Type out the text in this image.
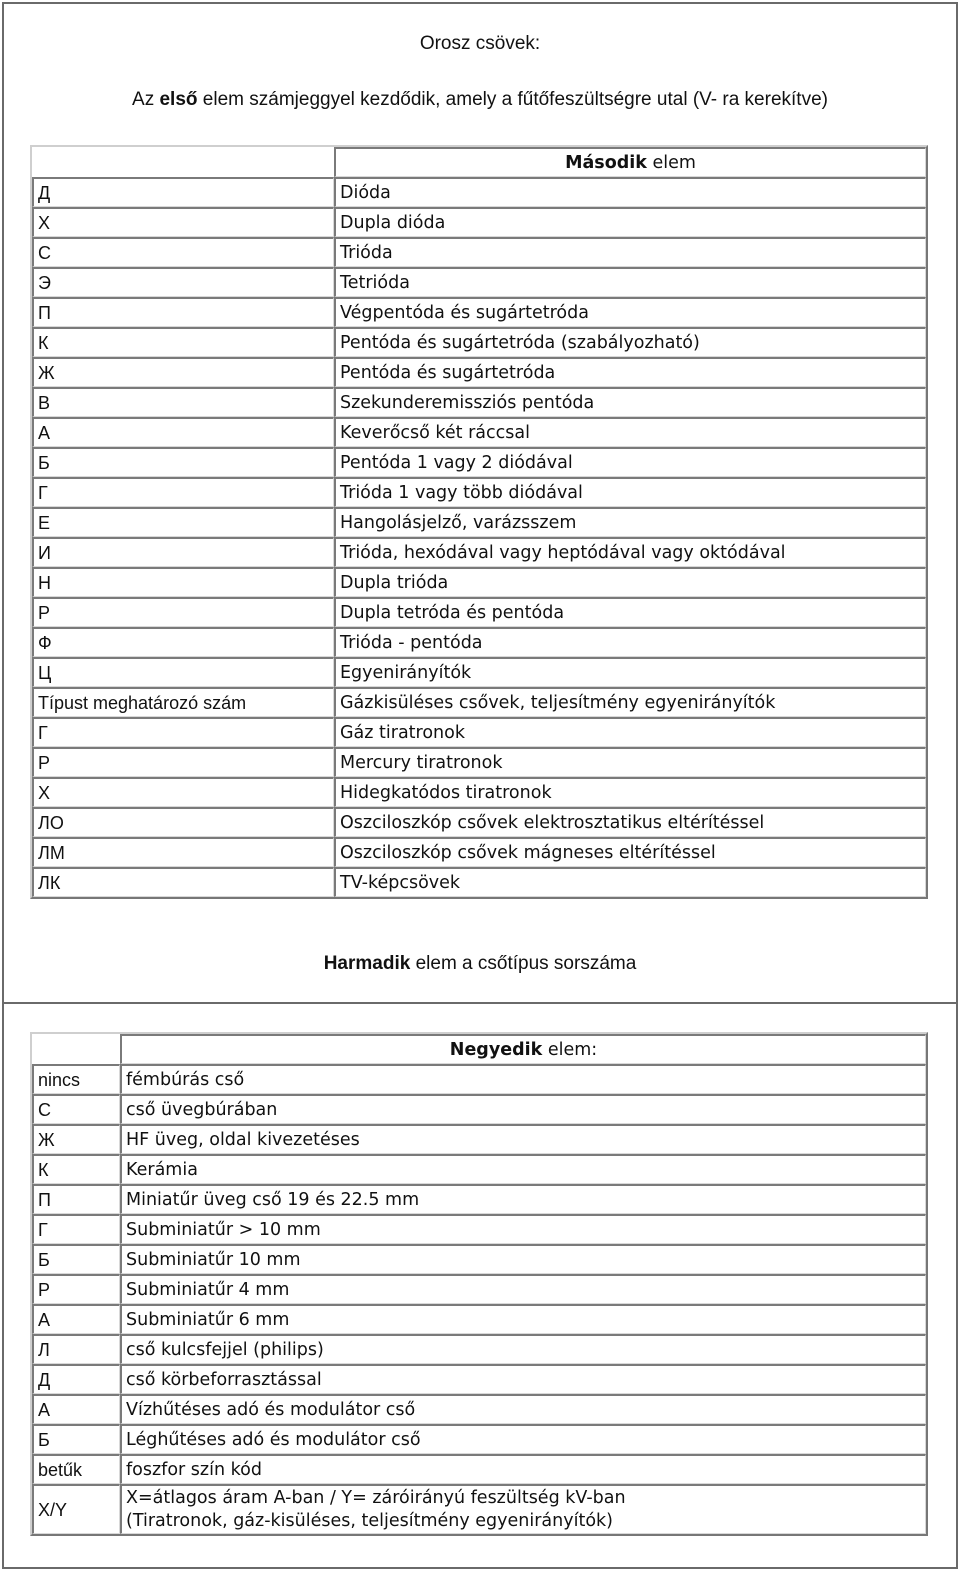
Orosz csövek:
Az első elem számjeggyel kezdődik, amely a fűtőfeszültségre utal (V- ra kerekítve)
	Második elem
Д	Dióda
Х	Dupla dióda
С	Trióda
Э	Tetrióda
П	Végpentóda és sugártetróda
К	Pentóda és sugártetróda (szabályozható)
Ж	Pentóda és sugártetróda
В	Szekunderemissziós pentóda
А	Keverőcső két ráccsal
Б	Pentóda 1 vagy 2 diódával
Г	Trióda 1 vagy több diódával
Е	Hangolásjelző, varázsszem
И	Trióda, hexódával vagy heptódával vagy októdával
Н	Dupla trióda
Р	Dupla tetróda és pentóda
Ф	Trióda - pentóda
Ц	Egyenirányítók
Típust meghatározó szám	Gázkisüléses csővek, teljesítmény egyenirányítók
Г	Gáz tiratronok
Р	Mercury tiratronok
Х	Hidegkatódos tiratronok
ЛО	Oszciloszkóp csővek elektrosztatikus eltérítéssel
ЛМ	Oszciloszkóp csővek mágneses eltérítéssel
ЛК	TV-képcsövek
Harmadik elem a csőtípus sorszáma
	Negyedik elem:
nincs	fémbúrás cső
С	cső üvegbúrában
Ж	HF üveg, oldal kivezetéses
К	Kerámia
П	Miniatűr üveg cső 19 és 22.5 mm
Г	Subminiatűr > 10 mm
Б	Subminiatűr 10 mm
Р	Subminiatűr 4 mm
А	Subminiatűr 6 mm
Л	cső kulcsfejjel (philips)
Д	cső körbeforrasztással
А	Vízhűtéses adó és modulátor cső
Б	Léghűtéses adó és modulátor cső
betűk	foszfor szín kód
X/Y	X=átlagos áram A-ban / Y= záróirányú feszültség kV-ban
(Tiratronok, gáz-kisüléses, teljesítmény egyenirányítók)
